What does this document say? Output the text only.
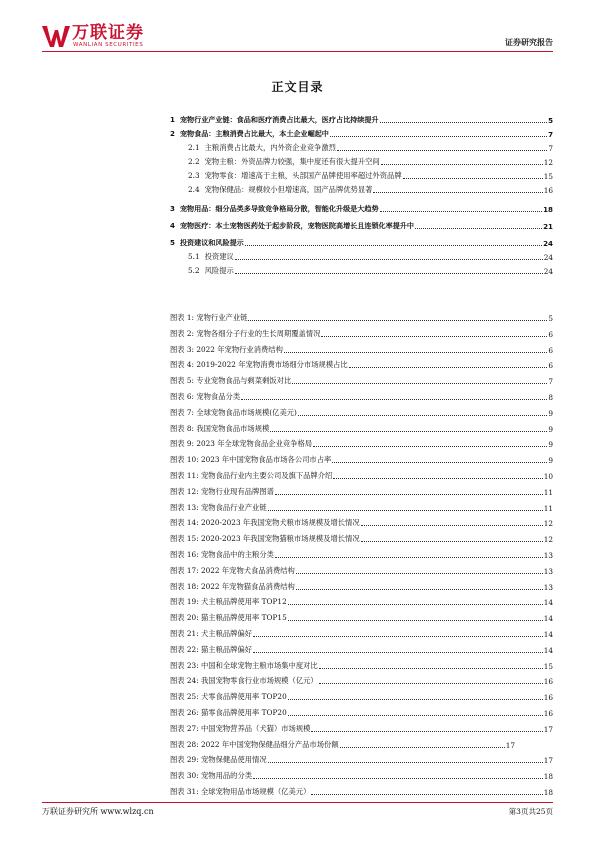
万联证券
WANLIAN SECURITIES	证券研究报告
正文目录
1 宠物行业产业链：食品和医疗消费占比最大，医疗占比持续提升	5
2 宠物食品：主粮消费占比最大，本土企业崛起中	7
2.1 主粮消费占比最大，内外资企业竞争激烈	7
2.2 宠物主粮：外资品牌力较强，集中度还有很大提升空间	12
2.3 宠物零食：增速高于主粮，头部国产品牌使用率超过外资品牌	15
2.4 宠物保健品：规模较小但增速高，国产品牌优势显著	16
3 宠物用品：细分品类多导致竞争格局分散，智能化升级是大趋势	18
4 宠物医疗：本土宠物医药处于起步阶段，宠物医院高增长且连锁化率提升中	21
5 投资建议和风险提示	24
5.1 投资建议	24
5.2 风险提示	24
图表 1: 宠物行业产业链	5
图表 2: 宠物各细分子行业的生长周期覆盖情况	6
图表 3: 2022 年宠物行业消费结构	6
图表 4: 2019-2022 年宠物消费市场细分市场规模占比	6
图表 5: 专业宠物食品与剩菜剩饭对比	7
图表 6: 宠物食品分类	8
图表 7: 全球宠物食品市场规模(亿美元)	9
图表 8: 我国宠物食品市场规模	9
图表 9: 2023 年全球宠物食品企业竞争格局	9
图表 10: 2023 年中国宠物食品市场各公司市占率	9
图表 11: 宠物食品行业内主要公司及旗下品牌介绍	10
图表 12: 宠物行业现有品牌图谱	11
图表 13: 宠物食品行业产业链	11
图表 14: 2020-2023 年我国宠物犬粮市场规模及增长情况	12
图表 15: 2020-2023 年我国宠物猫粮市场规模及增长情况	12
图表 16: 宠物食品中的主粮分类	13
图表 17: 2022 年宠物犬食品消费结构	13
图表 18: 2022 年宠物猫食品消费结构	13
图表 19: 犬主粮品牌使用率 TOP12	14
图表 20: 猫主粮品牌使用率 TOP15	14
图表 21: 犬主粮品牌偏好	14
图表 22: 猫主粮品牌偏好	14
图表 23: 中国和全球宠物主粮市场集中度对比	15
图表 24: 我国宠物零食行业市场规模（亿元）	16
图表 25: 犬零食品牌使用率 TOP20	16
图表 26: 猫零食品牌使用率 TOP20	16
图表 27: 中国宠物营养品（犬猫）市场规模	17
图表 28: 2022 年中国宠物保健品细分产品市场份额	17
图表 29: 宠物保健品使用情况	17
图表 30: 宠物用品的分类	18
图表 31: 全球宠物用品市场规模（亿美元）	18
万联证券研究所 www.wlzq.cn	第3页共25页
